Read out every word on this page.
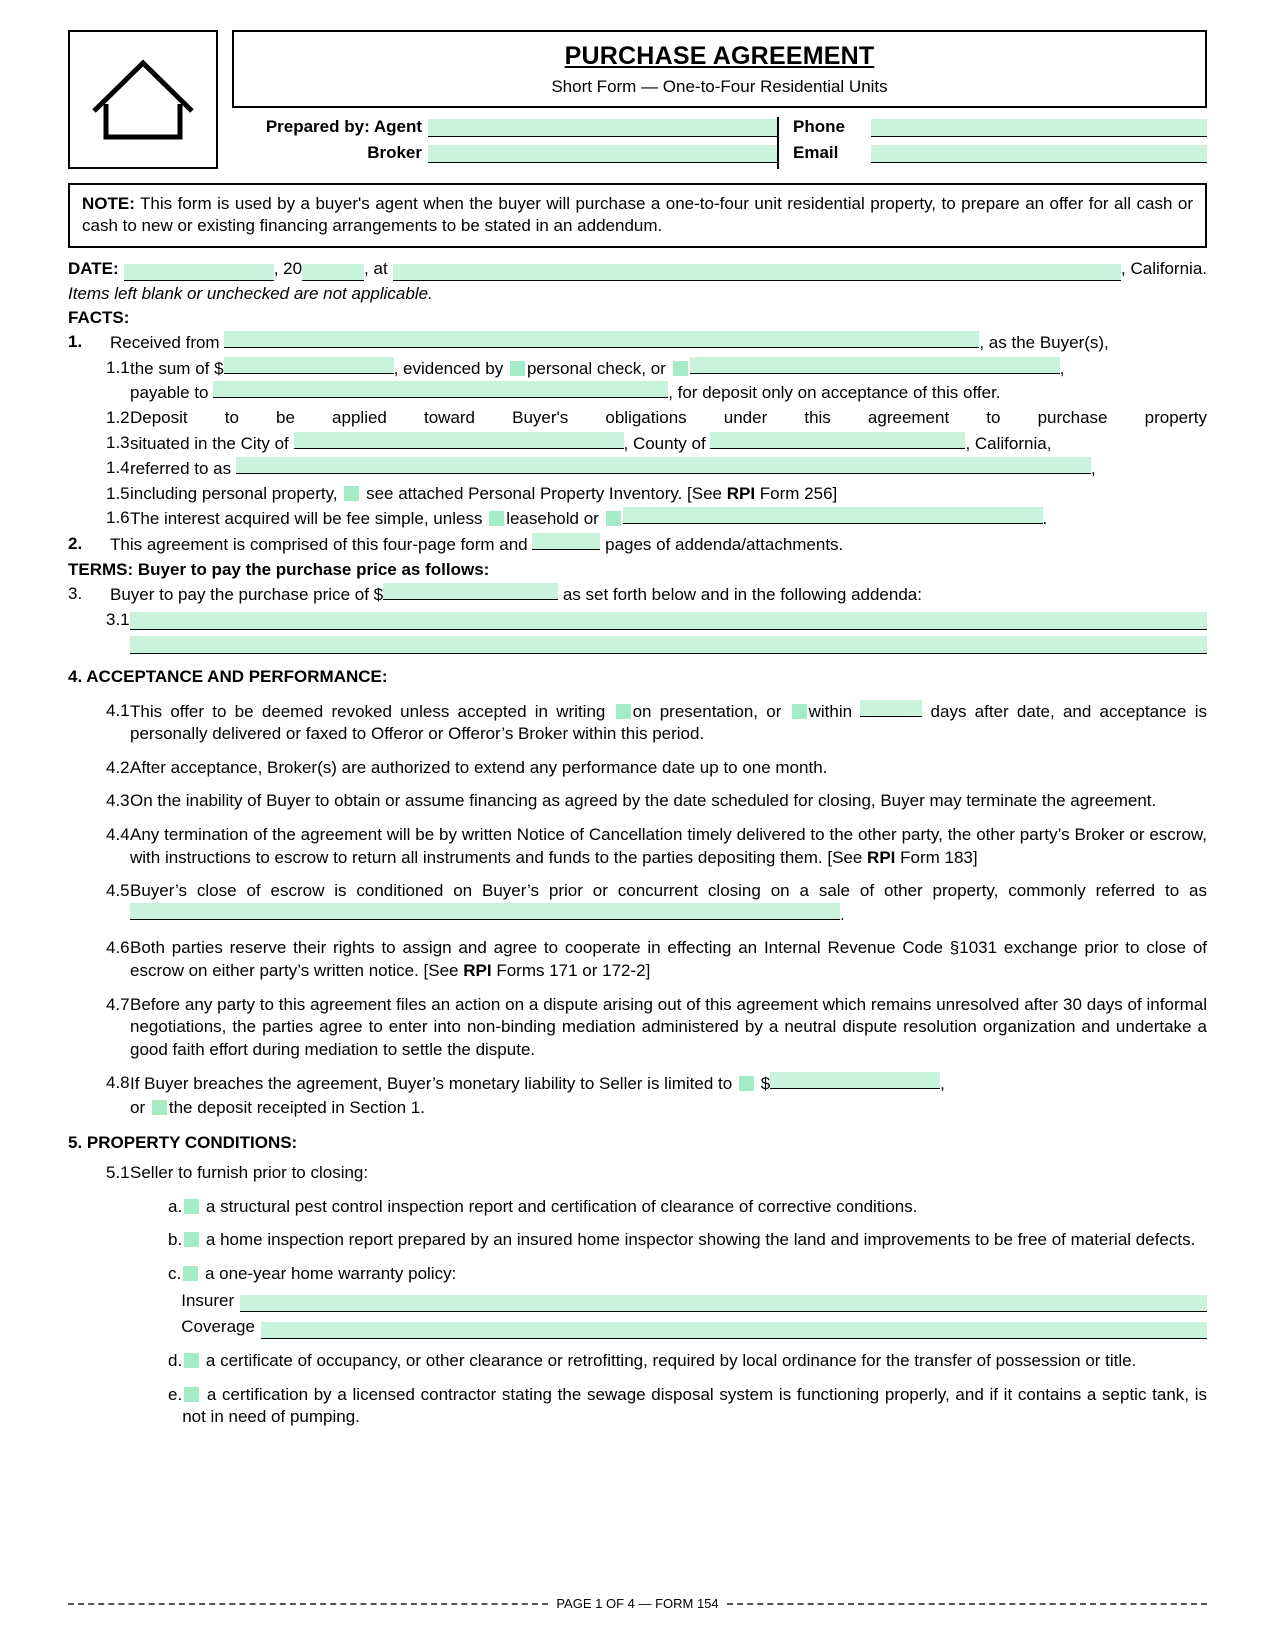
PURCHASE AGREEMENT
Short Form — One-to-Four Residential Units
Prepared by: Agent
Broker
Phone
Email
NOTE: This form is used by a buyer's agent when the buyer will purchase a one-to-four unit residential property, to prepare an offer for all cash or cash to new or existing financing arrangements to be stated in an addendum.
DATE:	, 20	, at	, California.
Items left blank or unchecked are not applicable.
FACTS:
1.	Received from	, as the Buyer(s),
1.1 the sum of $	, evidenced by personal check, or	,
payable to	, for deposit only on acceptance of this offer.
1.2 Deposit to be applied toward Buyer's obligations under this agreement to purchase property
1.3 situated in the City of	, County of	, California,
1.4 referred to as	,
1.5 including personal property, see attached Personal Property Inventory. [See RPI Form 256]
1.6 The interest acquired will be fee simple, unless leasehold or	.
2.	This agreement is comprised of this four-page form and	pages of addenda/attachments.
TERMS: Buyer to pay the purchase price as follows:
3.	Buyer to pay the purchase price of $	as set forth below and in the following addenda:
3.1
4. ACCEPTANCE AND PERFORMANCE:
4.1 This offer to be deemed revoked unless accepted in writing on presentation, or within	days after date, and acceptance is personally delivered or faxed to Offeror or Offeror’s Broker within this period.
4.2 After acceptance, Broker(s) are authorized to extend any performance date up to one month.
4.3 On the inability of Buyer to obtain or assume financing as agreed by the date scheduled for closing, Buyer may terminate the agreement.
4.4 Any termination of the agreement will be by written Notice of Cancellation timely delivered to the other party, the other party’s Broker or escrow, with instructions to escrow to return all instruments and funds to the parties depositing them. [See RPI Form 183]
4.5 Buyer’s close of escrow is conditioned on Buyer’s prior or concurrent closing on a sale of other property, commonly referred to as .
4.6 Both parties reserve their rights to assign and agree to cooperate in effecting an Internal Revenue Code §1031 exchange prior to close of escrow on either party’s written notice. [See RPI Forms 171 or 172-2]
4.7 Before any party to this agreement files an action on a dispute arising out of this agreement which remains unresolved after 30 days of informal negotiations, the parties agree to enter into non-binding mediation administered by a neutral dispute resolution organization and undertake a good faith effort during mediation to settle the dispute.
4.8 If Buyer breaches the agreement, Buyer’s monetary liability to Seller is limited to $	,
or the deposit receipted in Section 1.
5. PROPERTY CONDITIONS:
5.1 Seller to furnish prior to closing:
a.	a structural pest control inspection report and certification of clearance of corrective conditions.
b.	a home inspection report prepared by an insured home inspector showing the land and improvements to be free of material defects.
c.	a one-year home warranty policy:
Insurer
Coverage
d.	a certificate of occupancy, or other clearance or retrofitting, required by local ordinance for the transfer of possession or title.
e.	a certification by a licensed contractor stating the sewage disposal system is functioning properly, and if it contains a septic tank, is not in need of pumping.
PAGE 1 OF 4 — FORM 154
